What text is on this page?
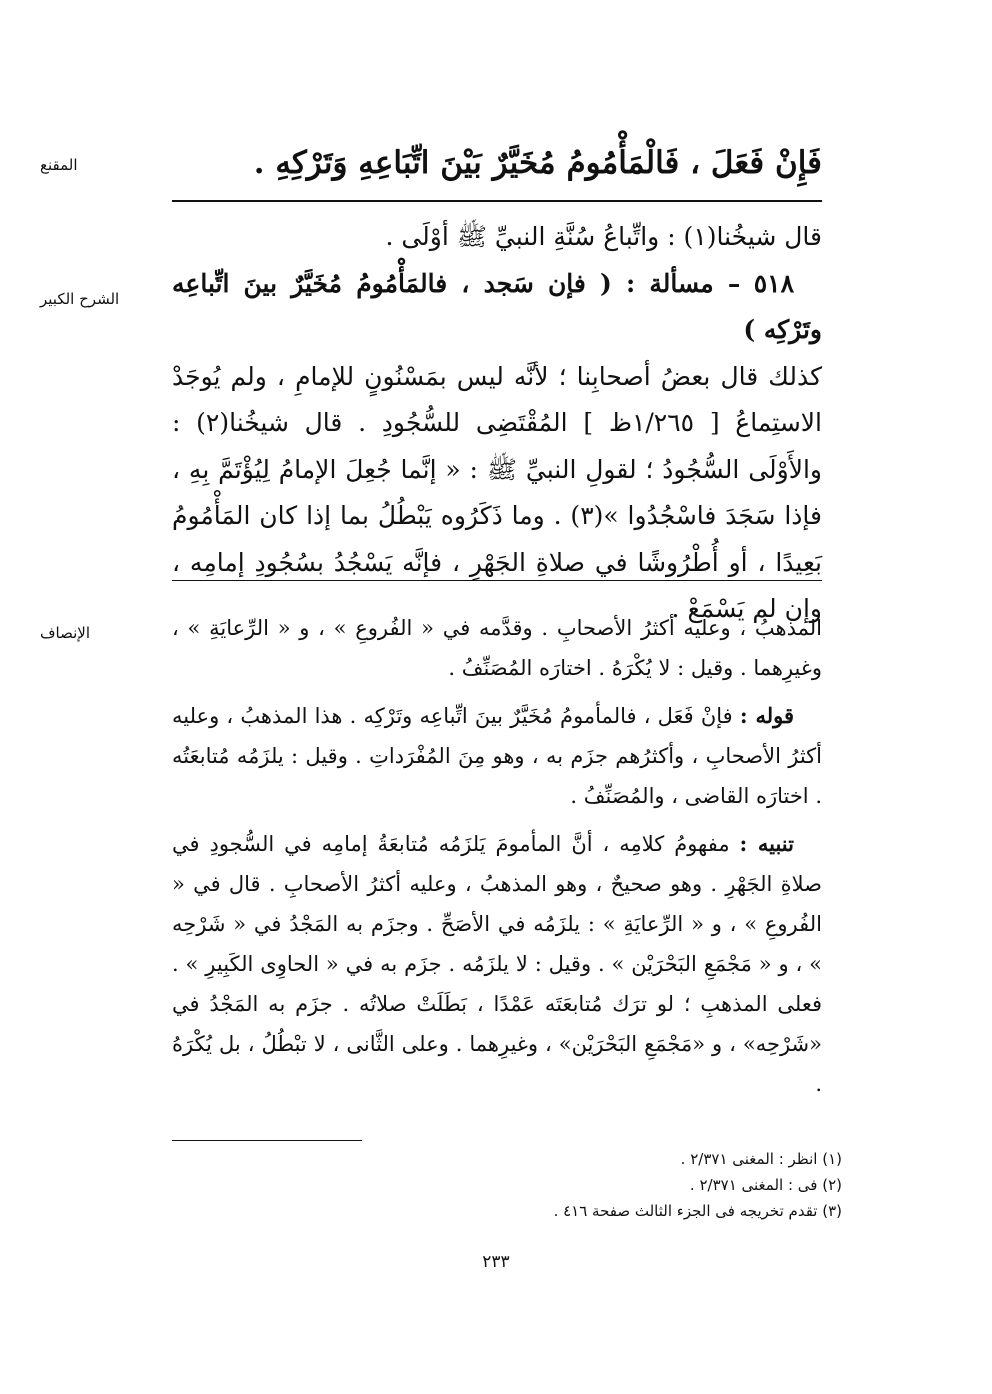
المقنع	فَإِنْ فَعَلَ ، فَالْمَأْمُومُ مُخَيَّرٌ بَيْنَ اتِّبَاعِهِ وَتَرْكِهِ .
الشرح الكبير
قال شيخُنا(١) : واتِّباعُ سُنَّةِ النبيِّ ﷺ أوْلَى .
٥١٨ – مسألة : ( فإن سَجد ، فالمَأْمُومُ مُخَيَّرٌ بينَ اتِّباعِه وتَرْكِه )
كذلك قال بعضُ أصحابِنا ؛ لأنَّه ليس بمَسْنُونٍ للإمامِ ، ولم يُوجَدْ الاستِماعُ [ ١/٢٦٥ظ ] المُقْتَضِى للسُّجُودِ . قال شيخُنا(٢) : والأَوْلَى السُّجُودُ ؛ لقولِ النبيِّ ﷺ : « إنَّما جُعِلَ الإمامُ لِيُؤْتَمَّ بِهِ ، فإذا سَجَدَ فاسْجُدُوا »(٣) . وما ذَكَرُوه يَبْطُلُ بما إذا كان المَأْمُومُ بَعِيدًا ، أو أُطْرُوشًا في صلاةِ الجَهْرِ ، فإنَّه يَسْجُدُ بسُجُودِ إمامِه ، وإن لم يَسْمَعْ .
الإنصاف	المذهبُ ، وعليه أكثرُ الأصحابِ . وقدَّمه في « الفُروعِ » ، و « الرِّعايَةِ » ، وغيرِهما . وقيل : لا يُكْرَهُ . اختارَه المُصَنِّفُ .
قوله : فإنْ فَعَل ، فالمأمومُ مُخَيَّرٌ بينَ اتِّباعِه وتَرْكِه . هذا المذهبُ ، وعليه أكثرُ الأصحابِ ، وأكثرُهم جزَم به ، وهو مِنَ المُفْرَداتِ . وقيل : يلزَمُه مُتابعَتُه . اختارَه القاضى ، والمُصَنِّفُ .
تنبيه : مفهومُ كلامِه ، أنَّ المأمومَ يَلزَمُه مُتابعَةُ إمامِه في السُّجودِ في صلاةِ الجَهْرِ . وهو صحيحٌ ، وهو المذهبُ ، وعليه أكثرُ الأصحابِ . قال في « الفُروعِ » ، و « الرِّعايَةِ » : يلزَمُه في الأصَحِّ . وجزَم به المَجْدُ في « شَرْحِه » ، و « مَجْمَعِ البَحْرَيْن » . وقيل : لا يلزَمُه . جزَم به في « الحاوِى الكَبِيرِ » . فعلى المذهبِ ؛ لو ترَك مُتابعَتَه عَمْدًا ، بَطَلَتْ صلاتُه . جزَم به المَجْدُ في «شَرْحِه» ، و «مَجْمَعِ البَحْرَيْن» ، وغيرِهما . وعلى الثَّانى ، لا تبْطُلُ ، بل يُكْرَهُ .
(١) انظر : المغنى ٢/٣٧١ .
(٢) فى : المغنى ٢/٣٧١ .
(٣) تقدم تخريجه فى الجزء الثالث صفحة ٤١٦ .
٢٣٣
